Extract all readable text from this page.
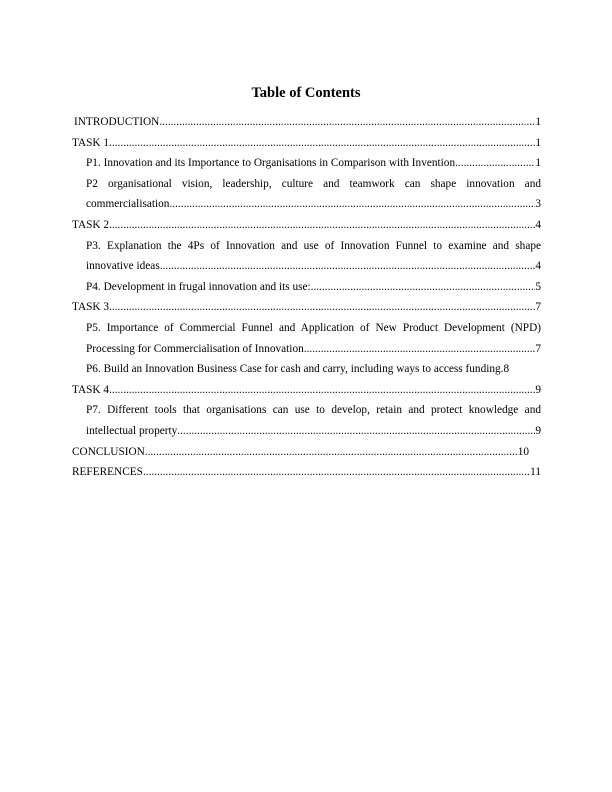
Table of Contents
INTRODUCTION .....	1
TASK 1 .....	1
P1. Innovation and its Importance to Organisations in Comparison with Invention .....	1
P2 organisational vision, leadership, culture and teamwork can shape innovation and
commercialisation .....	3
TASK 2 .....	4
P3. Explanation the 4Ps of Innovation and use of Innovation Funnel to examine and shape
innovative ideas .....	4
P4. Development in frugal innovation and its use: .....	5
TASK 3 .....	7
P5. Importance of Commercial Funnel and Application of New Product Development (NPD)
Processing for Commercialisation of Innovation .....	7
P6. Build an Innovation Business Case for cash and carry, including ways to access funding. 8
TASK 4 .....	9
P7. Different tools that organisations can use to develop, retain and protect knowledge and
intellectual property .....	9
CONCLUSION .....	10
REFERENCES .....	11
